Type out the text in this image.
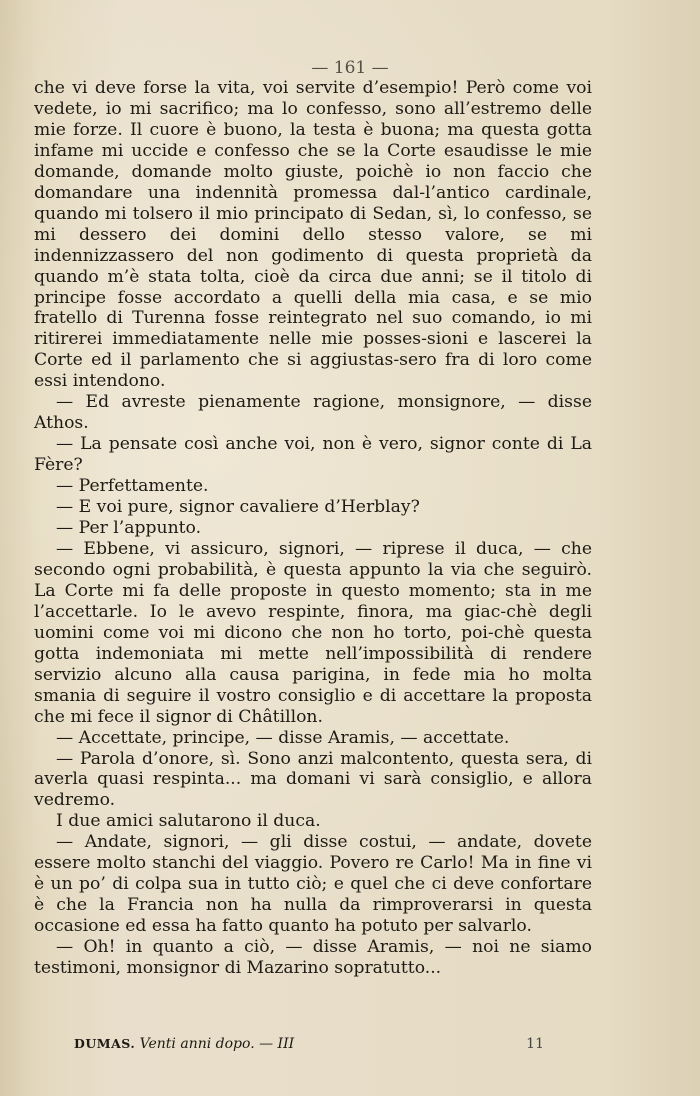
— 161 —

che vi deve forse la vita, voi servite d’esempio! Però come voi vedete, io mi sacrifico; ma lo confesso, sono all’estremo delle mie forze. Il cuore è buono, la testa è buona; ma questa gotta infame mi uccide e confesso che se la Corte esaudisse le mie domande, domande molto giuste, poichè io non faccio che domandare una indennità promessa dal-l’antico cardinale, quando mi tolsero il mio principato di Sedan, sì, lo confesso, se mi dessero dei domini dello stesso valore, se mi indennizzassero del non godimento di questa proprietà da quando m’è stata tolta, cioè da circa due anni; se il titolo di principe fosse accordato a quelli della mia casa, e se mio fratello di Turenna fosse reintegrato nel suo comando, io mi ritirerei immediatamente nelle mie posses-sioni e lascerei la Corte ed il parlamento che si aggiustas-sero fra di loro come essi intendono.

— Ed avreste pienamente ragione, monsignore, — disse Athos.

— La pensate così anche voi, non è vero, signor conte di La Fère?

— Perfettamente.

— E voi pure, signor cavaliere d’Herblay?

— Per l’appunto.

— Ebbene, vi assicuro, signori, — riprese il duca, — che secondo ogni probabilità, è questa appunto la via che seguirò. La Corte mi fa delle proposte in questo momento; sta in me l’accettarle. Io le avevo respinte, finora, ma giac-chè degli uomini come voi mi dicono che non ho torto, poi-chè questa gotta indemoniata mi mette nell’impossibilità di rendere servizio alcuno alla causa parigina, in fede mia ho molta smania di seguire il vostro consiglio e di accettare la proposta che mi fece il signor di Châtillon.

— Accettate, principe, — disse Aramis, — accettate.

— Parola d’onore, sì. Sono anzi malcontento, questa sera, di averla quasi respinta... ma domani vi sarà consiglio, e allora vedremo.

I due amici salutarono il duca.

— Andate, signori, — gli disse costui, — andate, dovete essere molto stanchi del viaggio. Povero re Carlo! Ma in fine vi è un po’ di colpa sua in tutto ciò; e quel che ci deve confortare è che la Francia non ha nulla da rimproverarsi in questa occasione ed essa ha fatto quanto ha potuto per salvarlo.

— Oh! in quanto a ciò, — disse Aramis, — noi ne siamo testimoni, monsignor di Mazarino sopratutto...

DUMAS. Venti anni dopo. — III	11
